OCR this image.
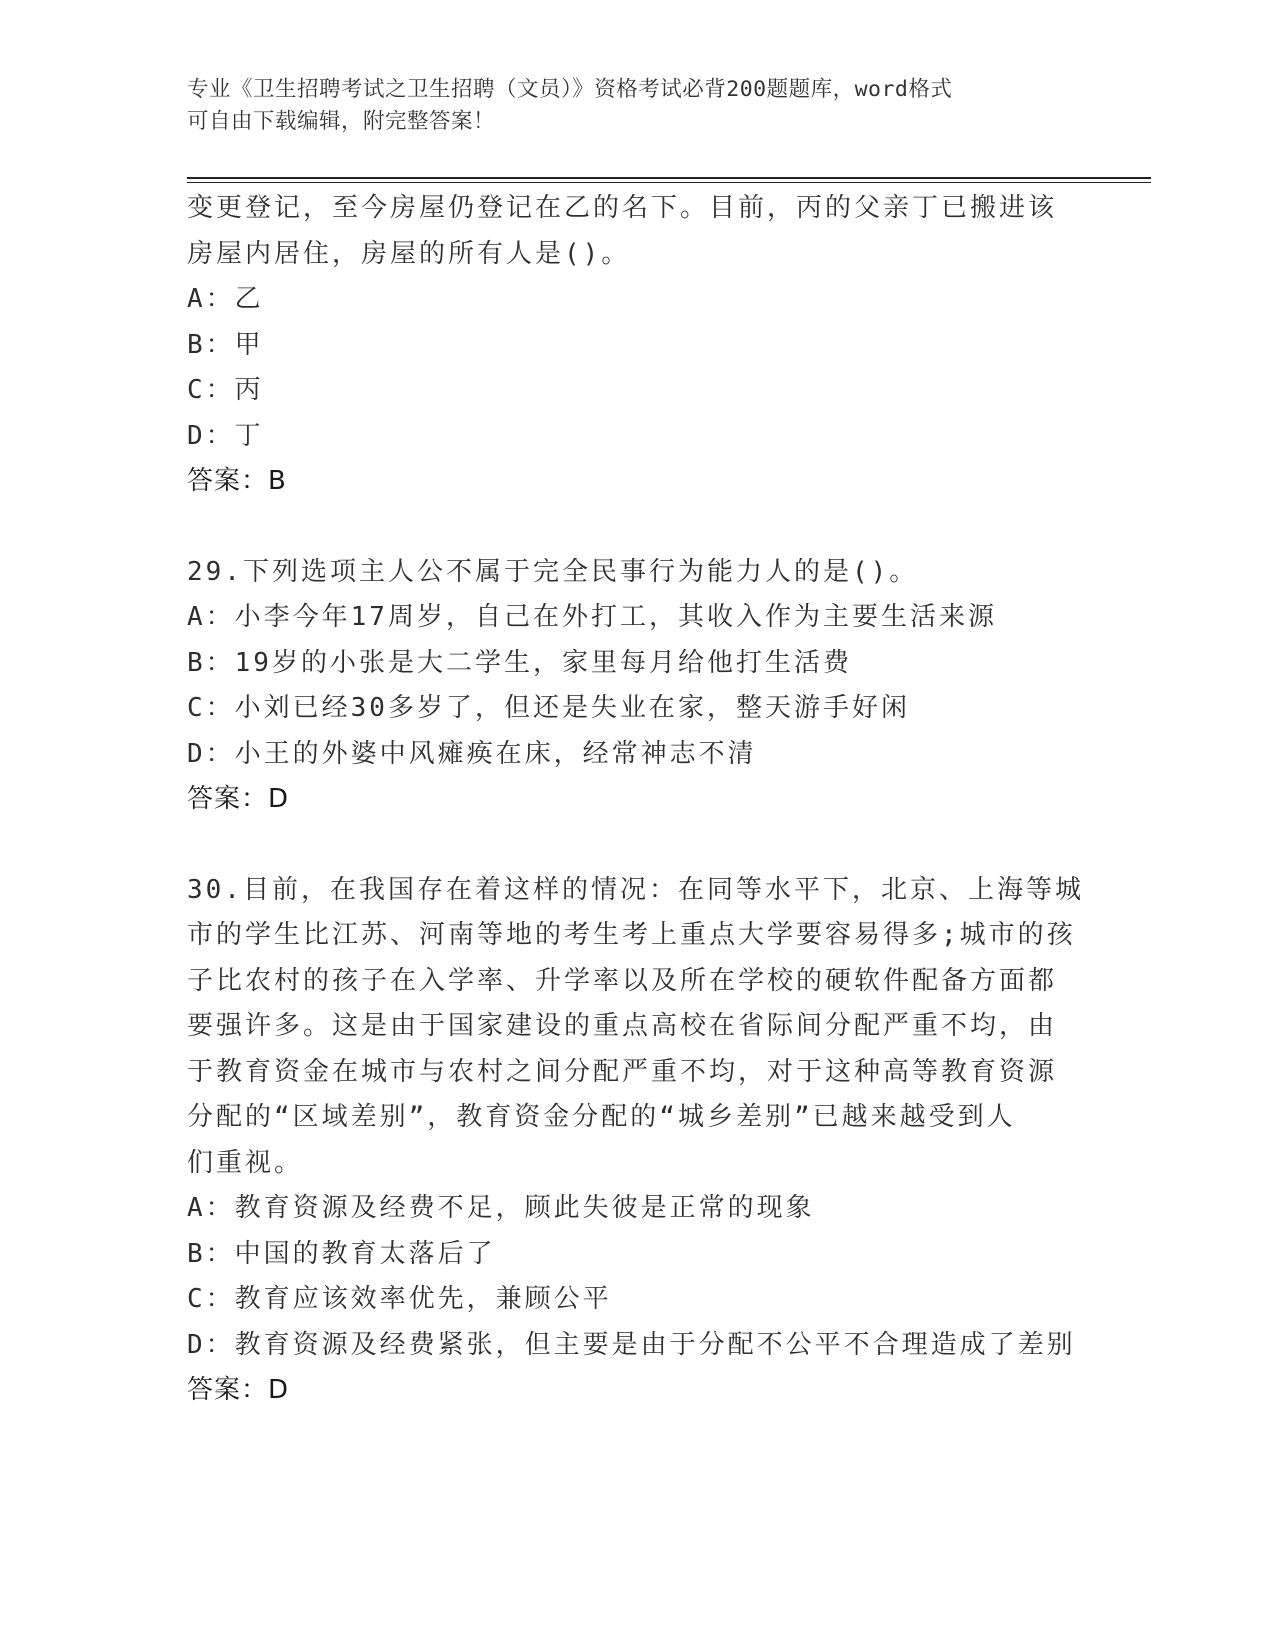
专业《卫生招聘考试之卫生招聘（文员）》资格考试必背200题题库，word格式
可自由下载编辑，附完整答案！
变更登记，至今房屋仍登记在乙的名下。目前，丙的父亲丁已搬进该
房屋内居住，房屋的所有人是()。
A：乙
B：甲
C：丙
D：丁
答案：B
29.下列选项主人公不属于完全民事行为能力人的是()。
A：小李今年17周岁，自己在外打工，其收入作为主要生活来源
B：19岁的小张是大二学生，家里每月给他打生活费
C：小刘已经30多岁了，但还是失业在家，整天游手好闲
D：小王的外婆中风瘫痪在床，经常神志不清
答案：D
30.目前，在我国存在着这样的情况：在同等水平下，北京、上海等城
市的学生比江苏、河南等地的考生考上重点大学要容易得多;城市的孩
子比农村的孩子在入学率、升学率以及所在学校的硬软件配备方面都
要强许多。这是由于国家建设的重点高校在省际间分配严重不均，由
于教育资金在城市与农村之间分配严重不均，对于这种高等教育资源
分配的“区域差别”，教育资金分配的“城乡差别”已越来越受到人
们重视。
A：教育资源及经费不足，顾此失彼是正常的现象
B：中国的教育太落后了
C：教育应该效率优先，兼顾公平
D：教育资源及经费紧张，但主要是由于分配不公平不合理造成了差别
答案：D
